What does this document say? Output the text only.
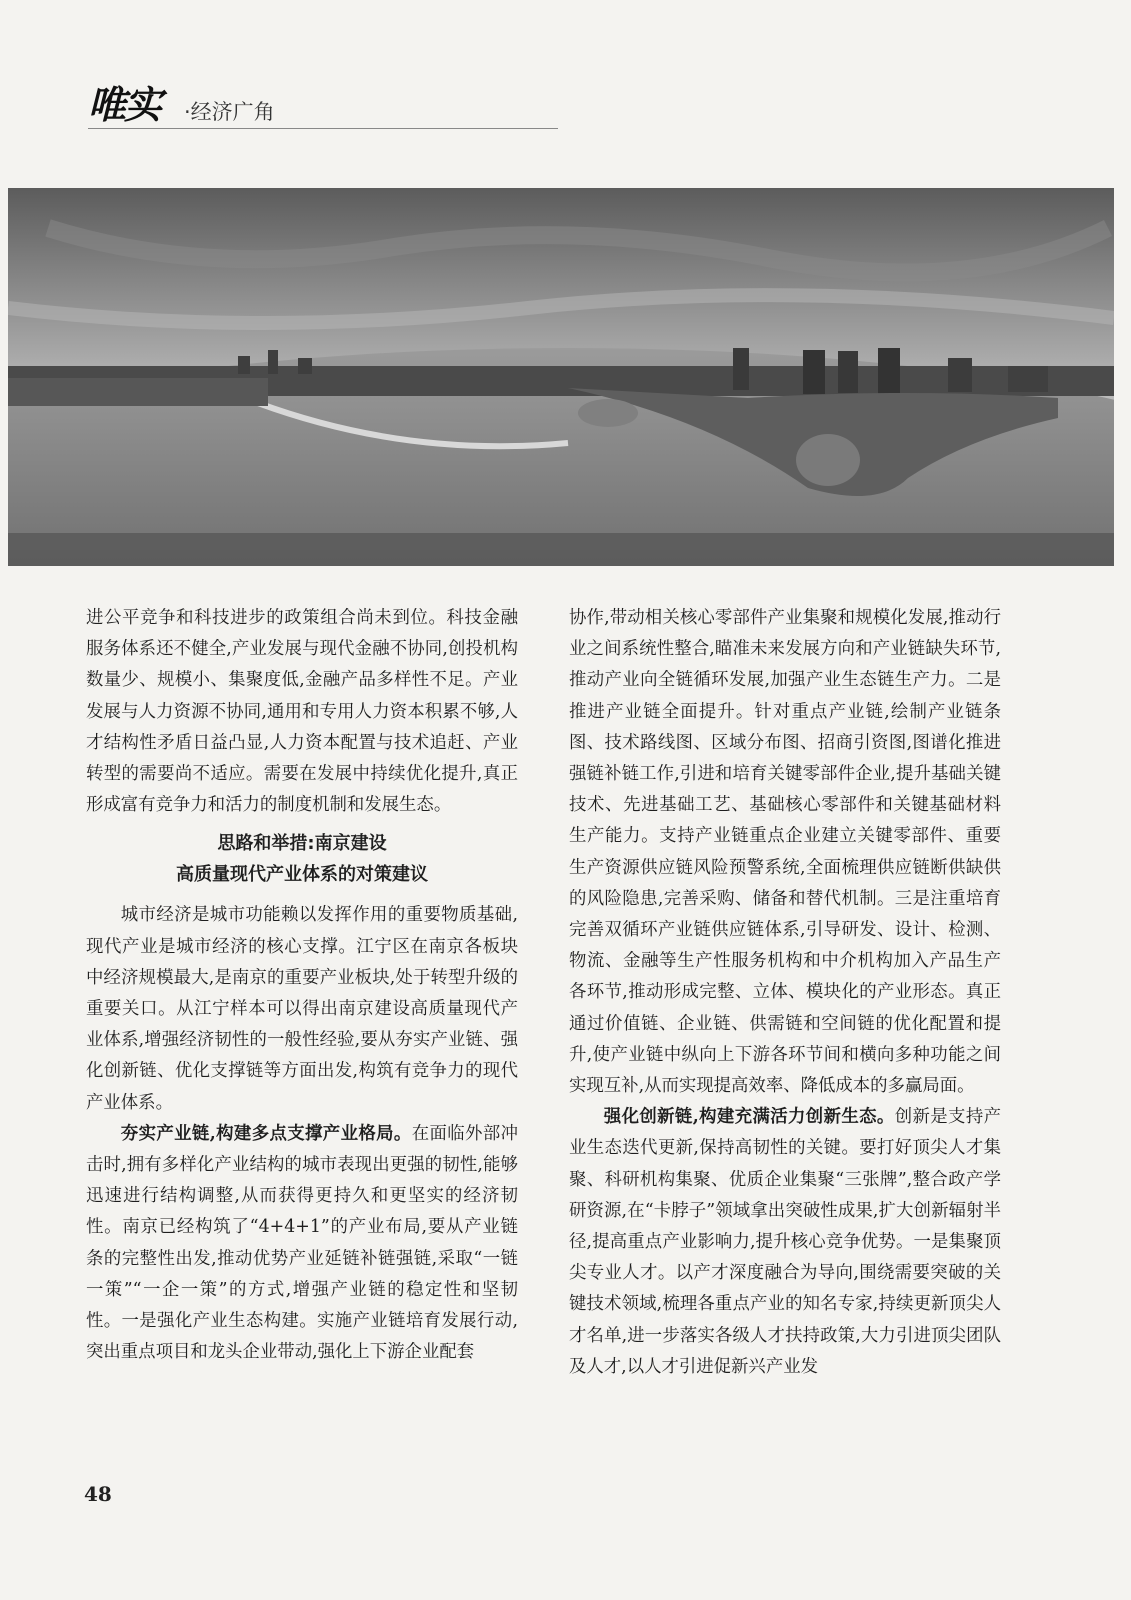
唯实 ·经济广角

进公平竞争和科技进步的政策组合尚未到位。科技金融服务体系还不健全,产业发展与现代金融不协同,创投机构数量少、规模小、集聚度低,金融产品多样性不足。产业发展与人力资源不协同,通用和专用人力资本积累不够,人才结构性矛盾日益凸显,人力资本配置与技术追赶、产业转型的需要尚不适应。需要在发展中持续优化提升,真正形成富有竞争力和活力的制度机制和发展生态。

思路和举措:南京建设
高质量现代产业体系的对策建议

城市经济是城市功能赖以发挥作用的重要物质基础,现代产业是城市经济的核心支撑。江宁区在南京各板块中经济规模最大,是南京的重要产业板块,处于转型升级的重要关口。从江宁样本可以得出南京建设高质量现代产业体系,增强经济韧性的一般性经验,要从夯实产业链、强化创新链、优化支撑链等方面出发,构筑有竞争力的现代产业体系。

夯实产业链,构建多点支撑产业格局。在面临外部冲击时,拥有多样化产业结构的城市表现出更强的韧性,能够迅速进行结构调整,从而获得更持久和更坚实的经济韧性。南京已经构筑了“4+4+1”的产业布局,要从产业链条的完整性出发,推动优势产业延链补链强链,采取“一链一策”“一企一策”的方式,增强产业链的稳定性和坚韧性。一是强化产业生态构建。实施产业链培育发展行动,突出重点项目和龙头企业带动,强化上下游企业配套

协作,带动相关核心零部件产业集聚和规模化发展,推动行业之间系统性整合,瞄准未来发展方向和产业链缺失环节,推动产业向全链循环发展,加强产业生态链生产力。二是推进产业链全面提升。针对重点产业链,绘制产业链条图、技术路线图、区域分布图、招商引资图,图谱化推进强链补链工作,引进和培育关键零部件企业,提升基础关键技术、先进基础工艺、基础核心零部件和关键基础材料生产能力。支持产业链重点企业建立关键零部件、重要生产资源供应链风险预警系统,全面梳理供应链断供缺供的风险隐患,完善采购、储备和替代机制。三是注重培育完善双循环产业链供应链体系,引导研发、设计、检测、物流、金融等生产性服务机构和中介机构加入产品生产各环节,推动形成完整、立体、模块化的产业形态。真正通过价值链、企业链、供需链和空间链的优化配置和提升,使产业链中纵向上下游各环节间和横向多种功能之间实现互补,从而实现提高效率、降低成本的多赢局面。

强化创新链,构建充满活力创新生态。创新是支持产业生态迭代更新,保持高韧性的关键。要打好顶尖人才集聚、科研机构集聚、优质企业集聚“三张牌”,整合政产学研资源,在“卡脖子”领域拿出突破性成果,扩大创新辐射半径,提高重点产业影响力,提升核心竞争优势。一是集聚顶尖专业人才。以产才深度融合为导向,围绕需要突破的关键技术领域,梳理各重点产业的知名专家,持续更新顶尖人才名单,进一步落实各级人才扶持政策,大力引进顶尖团队及人才,以人才引进促新兴产业发

48
